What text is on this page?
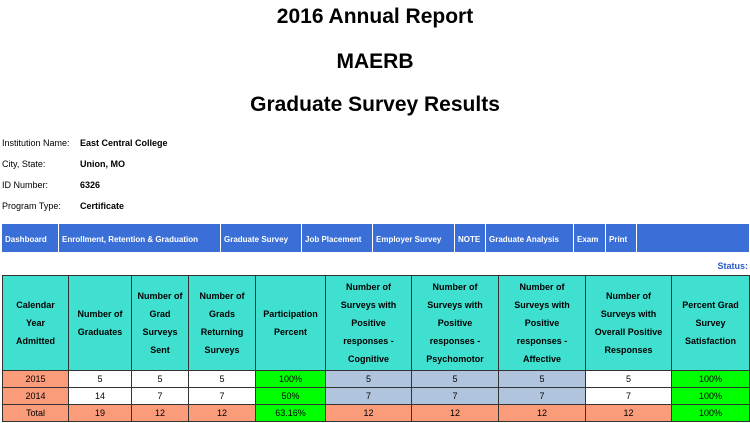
2016 Annual Report
MAERB
Graduate Survey Results
Institution Name: East Central College
City, State:	Union, MO
ID Number:	6326
Program Type: Certificate
Dashboard	Enrollment, Retention & Graduation	Graduate Survey	Job Placement	Employer Survey	NOTE	Graduate Analysis	Exam	Print
Status:
Calendar Year Admitted	Number of Graduates	Number of Grad Surveys Sent	Number of Grads Returning Surveys	Participation Percent	Number of Surveys with Positive responses - Cognitive	Number of Surveys with Positive responses - Psychomotor	Number of Surveys with Positive responses - Affective	Number of Surveys with Overall Positive Responses	Percent Grad Survey Satisfaction
2015	5	5	5	100%	5	5	5	5	100%
2014	14	7	7	50%	7	7	7	7	100%
Total	19	12	12	63.16%	12	12	12	12	100%
